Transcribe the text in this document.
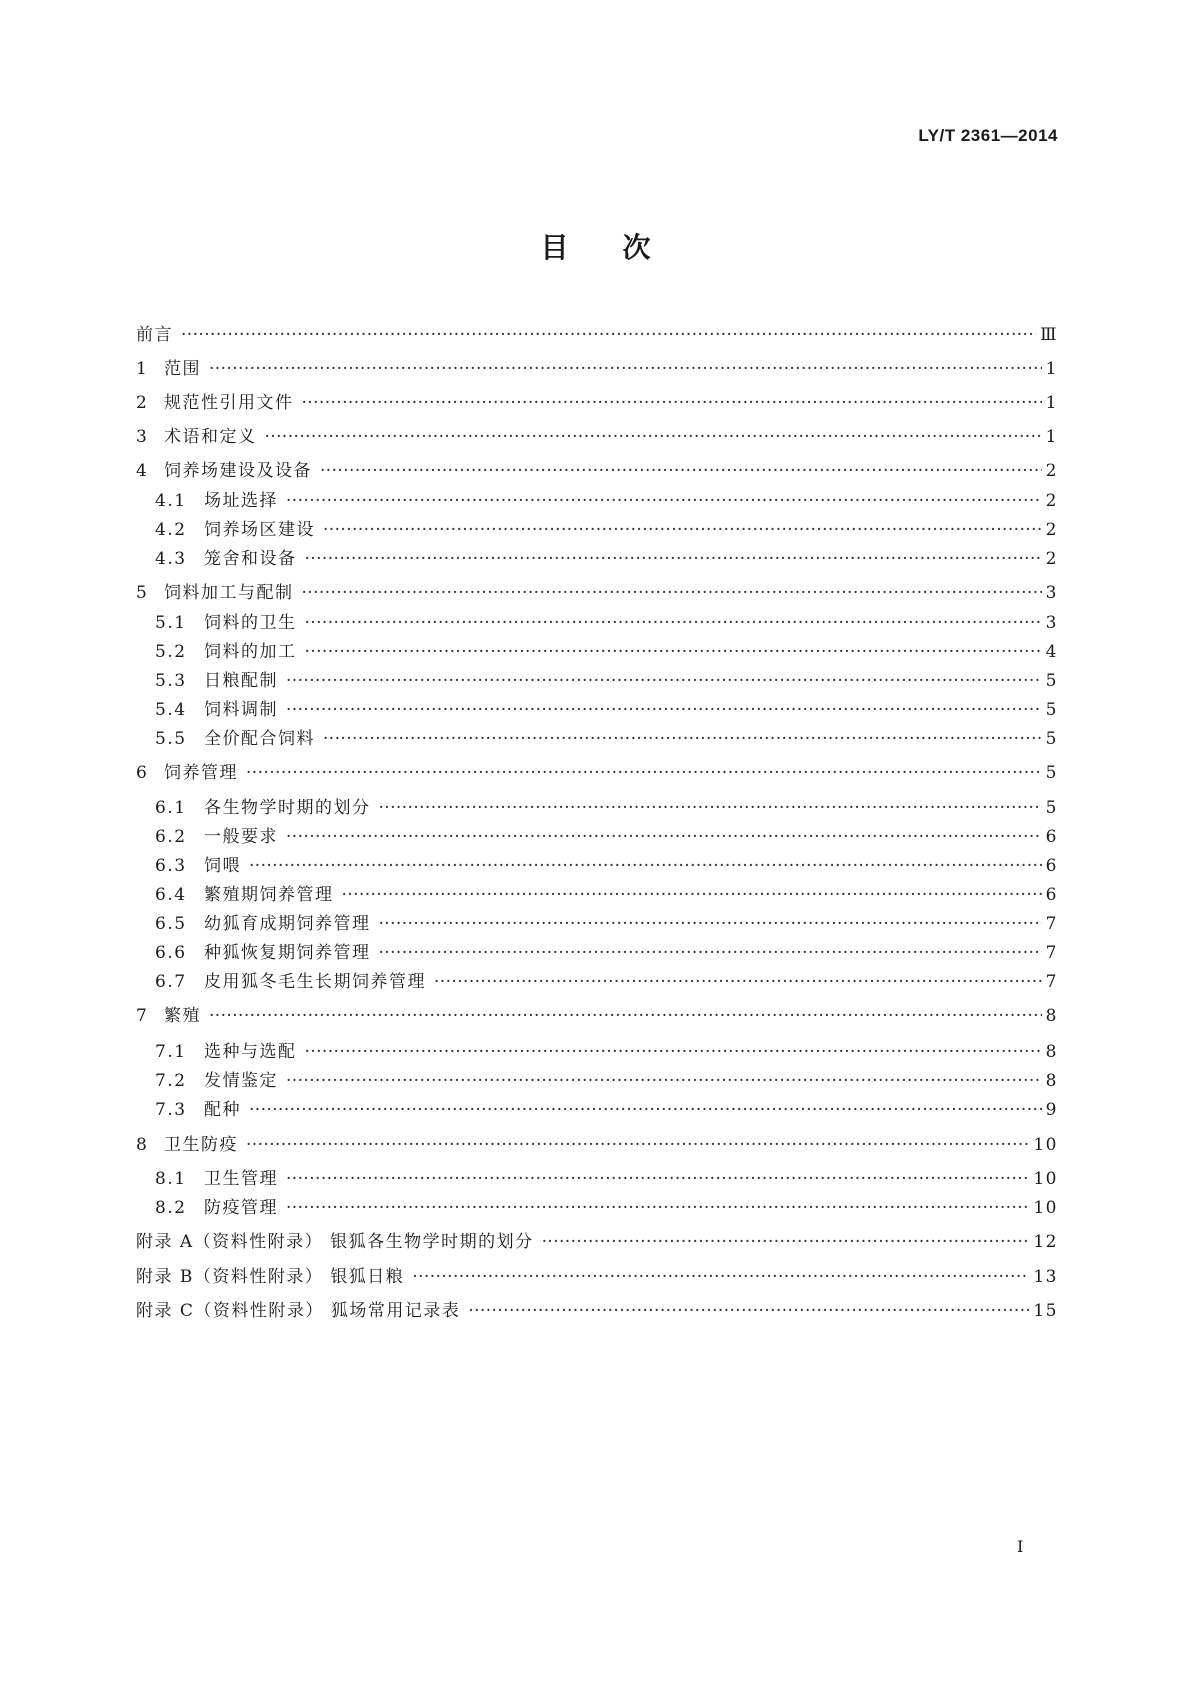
LY/T 2361—2014
目次
前言 ·····	Ⅲ
1 范围 ·····	1
2 规范性引用文件 ·····	1
3 术语和定义 ·····	1
4 饲养场建设及设备 ·····	2
4.1	场址选择 ·····	2
4.2	饲养场区建设 ·····	2
4.3	笼舍和设备 ·····	2
5 饲料加工与配制 ·····	3
5.1	饲料的卫生 ·····	3
5.2	饲料的加工 ·····	4
5.3	日粮配制 ·····	5
5.4	饲料调制 ·····	5
5.5	全价配合饲料 ·····	5
6 饲养管理 ·····	5
6.1	各生物学时期的划分 ·····	5
6.2	一般要求 ·····	6
6.3	饲喂 ·····	6
6.4	繁殖期饲养管理 ·····	6
6.5	幼狐育成期饲养管理 ·····	7
6.6	种狐恢复期饲养管理 ·····	7
6.7	皮用狐冬毛生长期饲养管理 ·····	7
7 繁殖 ·····	8
7.1	选种与选配 ·····	8
7.2	发情鉴定 ·····	8
7.3	配种 ·····	9
8 卫生防疫 ·····	10
8.1	卫生管理 ·····	10
8.2	防疫管理 ·····	10
附录 A（资料性附录） 银狐各生物学时期的划分 ·····	12
附录 B（资料性附录） 银狐日粮 ·····	13
附录 C（资料性附录） 狐场常用记录表 ·····	15
Ⅰ
